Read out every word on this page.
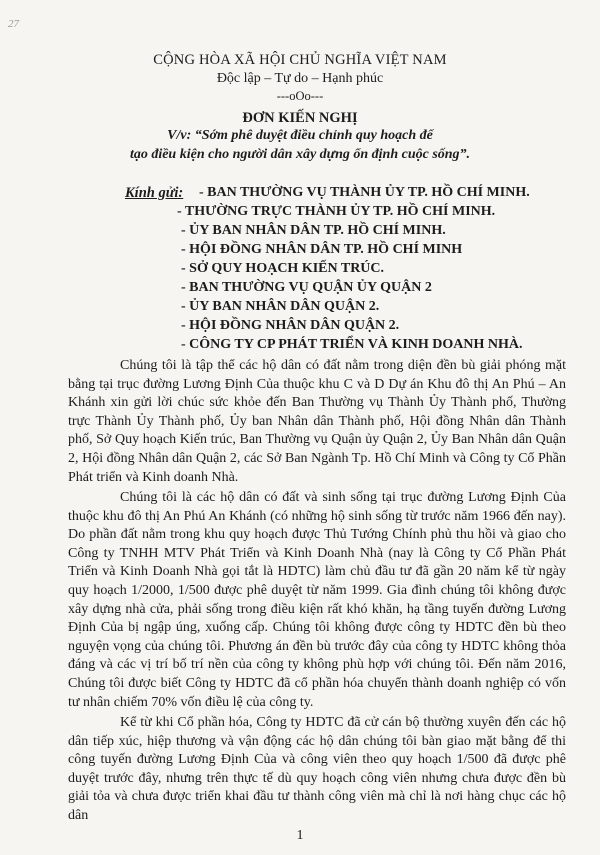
27
CỘNG HÒA XÃ HỘI CHỦ NGHĨA VIỆT NAM
Độc lập – Tự do – Hạnh phúc
---oOo---
ĐƠN KIẾN NGHỊ
V/v: “Sớm phê duyệt điều chỉnh quy hoạch để
tạo điều kiện cho người dân xây dựng ổn định cuộc sống”.
Kính gửi: - BAN THƯỜNG VỤ THÀNH ỦY TP. HỒ CHÍ MINH.
- THƯỜNG TRỰC THÀNH ỦY TP. HỒ CHÍ MINH.
- ỦY BAN NHÂN DÂN TP. HỒ CHÍ MINH.
- HỘI ĐỒNG NHÂN DÂN TP. HỒ CHÍ MINH
- SỞ QUY HOẠCH KIẾN TRÚC.
- BAN THƯỜNG VỤ QUẬN ỦY QUẬN 2
- ỦY BAN NHÂN DÂN QUẬN 2.
- HỘI ĐỒNG NHÂN DÂN QUẬN 2.
- CÔNG TY CP PHÁT TRIỂN VÀ KINH DOANH NHÀ.

Chúng tôi là tập thể các hộ dân có đất nằm trong diện đền bù giải phóng mặt bằng tại trục đường Lương Định Của thuộc khu C và D Dự án Khu đô thị An Phú – An Khánh xin gửi lời chúc sức khỏe đến Ban Thường vụ Thành Ủy Thành phố, Thường trực Thành Ủy Thành phố, Ủy ban Nhân dân Thành phố, Hội đồng Nhân dân Thành phố, Sở Quy hoạch Kiến trúc, Ban Thường vụ Quận ủy Quận 2, Ủy Ban Nhân dân Quận 2, Hội đồng Nhân dân Quận 2, các Sở Ban Ngành Tp. Hồ Chí Minh và Công ty Cổ Phần Phát triển và Kinh doanh Nhà.

Chúng tôi là các hộ dân có đất và sinh sống tại trục đường Lương Định Của thuộc khu đô thị An Phú An Khánh (có những hộ sinh sống từ trước năm 1966 đến nay). Do phần đất nằm trong khu quy hoạch được Thủ Tướng Chính phủ thu hồi và giao cho Công ty TNHH MTV Phát Triển và Kinh Doanh Nhà (nay là Công ty Cổ Phần Phát Triển và Kinh Doanh Nhà gọi tắt là HDTC) làm chủ đầu tư đã gần 20 năm kể từ ngày quy hoạch 1/2000, 1/500 được phê duyệt từ năm 1999. Gia đình chúng tôi không được xây dựng nhà cửa, phải sống trong điều kiện rất khó khăn, hạ tầng tuyến đường Lương Định Của bị ngập úng, xuống cấp. Chúng tôi không được công ty HDTC đền bù theo nguyện vọng của chúng tôi. Phương án đền bù trước đây của công ty HDTC không thỏa đáng và các vị trí bố trí nền của công ty không phù hợp với chúng tôi. Đến năm 2016, Chúng tôi được biết Công ty HDTC đã cổ phần hóa chuyển thành doanh nghiệp có vốn tư nhân chiếm 70% vốn điều lệ của công ty.

Kể từ khi Cổ phần hóa, Công ty HDTC đã cử cán bộ thường xuyên đến các hộ dân tiếp xúc, hiệp thương và vận động các hộ dân chúng tôi bàn giao mặt bằng để thi công tuyến đường Lương Định Của và công viên theo quy hoạch 1/500 đã được phê duyệt trước đây, nhưng trên thực tế dù quy hoạch công viên nhưng chưa được đền bù giải tỏa và chưa được triển khai đầu tư thành công viên mà chỉ là nơi hàng chục các hộ dân

1
